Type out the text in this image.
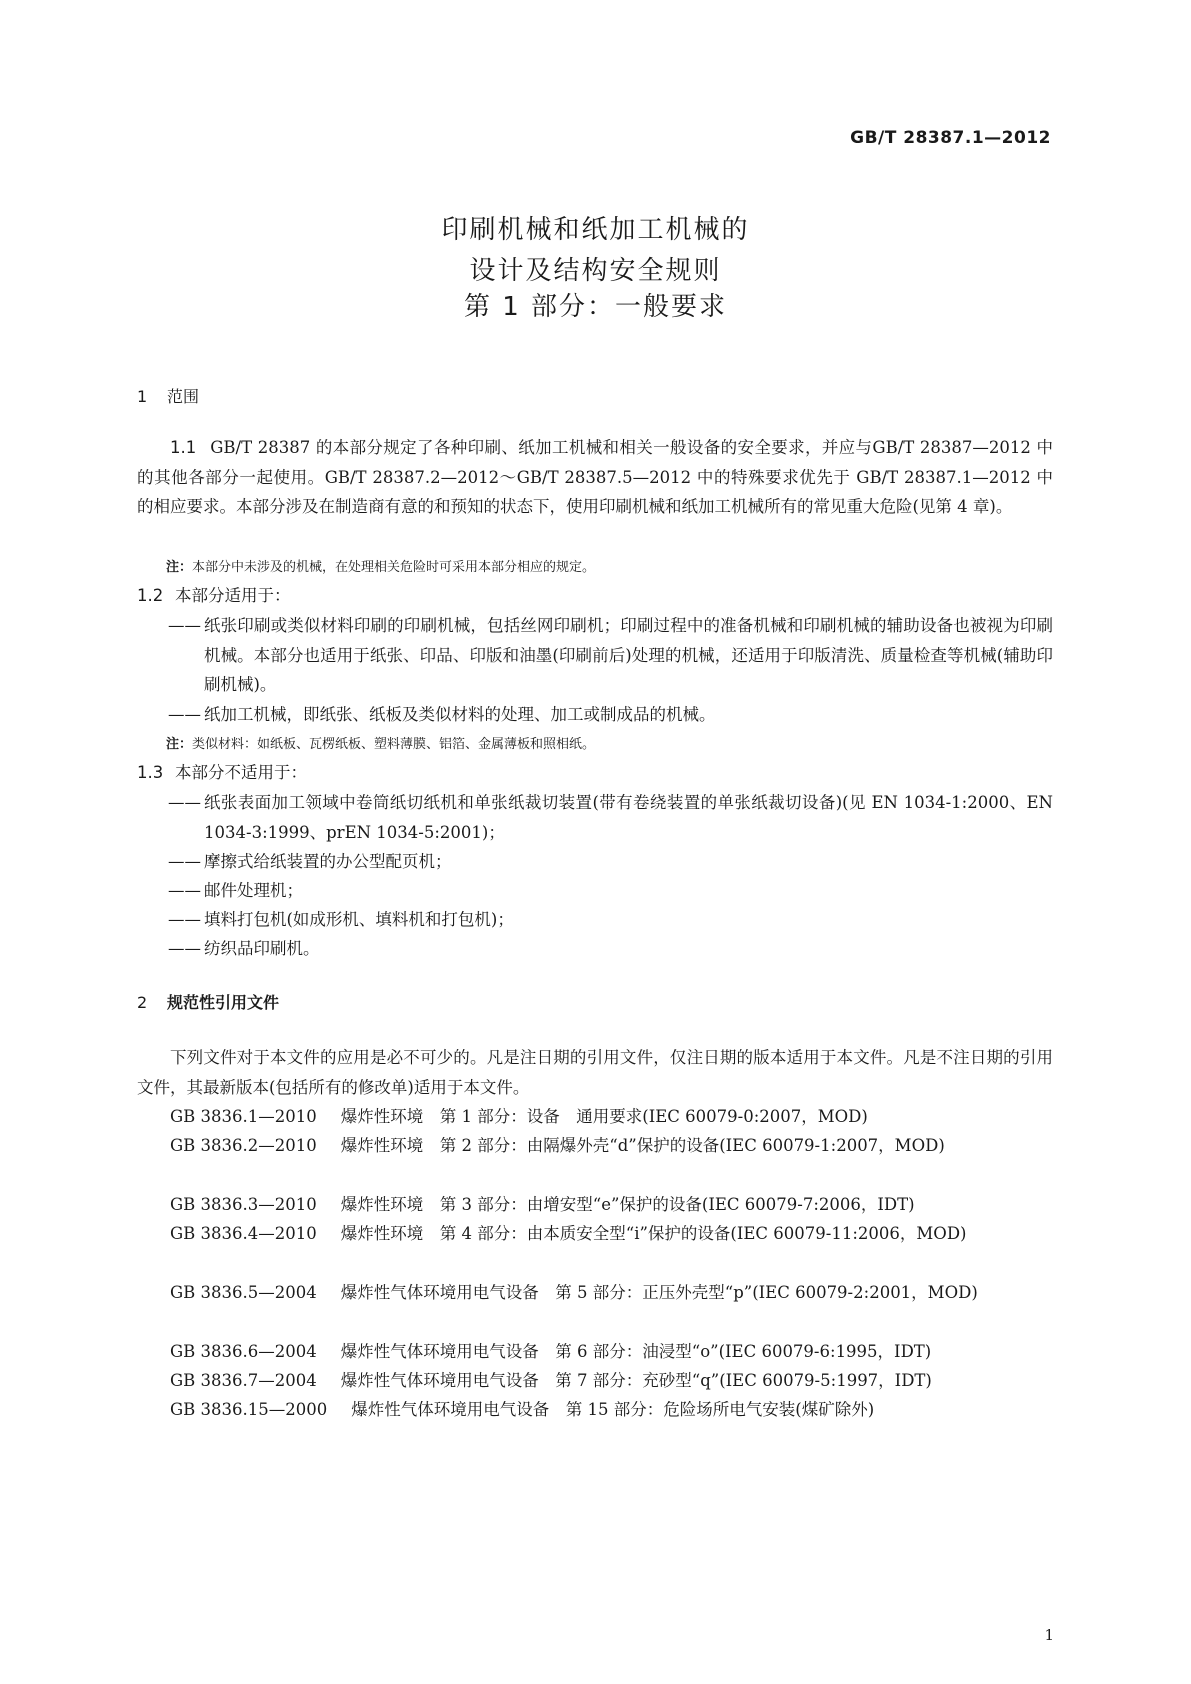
GB/T 28387.1—2012
印刷机械和纸加工机械的
设计及结构安全规则
第 1 部分：一般要求
1 范围

1.1 GB/T 28387 的本部分规定了各种印刷、纸加工机械和相关一般设备的安全要求，并应与GB/T 28387—2012 中的其他各部分一起使用。GB/T 28387.2—2012～GB/T 28387.5—2012 中的特殊要求优先于 GB/T 28387.1—2012 中的相应要求。本部分涉及在制造商有意的和预知的状态下，使用印刷机械和纸加工机械所有的常见重大危险(见第 4 章)。

注：本部分中未涉及的机械，在处理相关危险时可采用本部分相应的规定。
1.2 本部分适用于：
—— 纸张印刷或类似材料印刷的印刷机械，包括丝网印刷机；印刷过程中的准备机械和印刷机械的辅助设备也被视为印刷机械。本部分也适用于纸张、印品、印版和油墨(印刷前后)处理的机械，还适用于印版清洗、质量检查等机械(辅助印刷机械)。
—— 纸加工机械，即纸张、纸板及类似材料的处理、加工或制成品的机械。
注：类似材料：如纸板、瓦楞纸板、塑料薄膜、铝箔、金属薄板和照相纸。
1.3 本部分不适用于：
—— 纸张表面加工领域中卷筒纸切纸机和单张纸裁切装置(带有卷绕装置的单张纸裁切设备)(见 EN 1034-1:2000、EN 1034-3:1999、prEN 1034-5:2001)；
—— 摩擦式给纸装置的办公型配页机；
—— 邮件处理机；
—— 填料打包机(如成形机、填料机和打包机)；
—— 纺织品印刷机。
2 规范性引用文件

下列文件对于本文件的应用是必不可少的。凡是注日期的引用文件，仅注日期的版本适用于本文件。凡是不注日期的引用文件，其最新版本(包括所有的修改单)适用于本文件。

GB 3836.1—2010 爆炸性环境　第 1 部分：设备　通用要求(IEC 60079-0:2007，MOD)
GB 3836.2—2010 爆炸性环境　第 2 部分：由隔爆外壳“d”保护的设备(IEC 60079-1:2007，MOD)
GB 3836.3—2010 爆炸性环境　第 3 部分：由增安型“e”保护的设备(IEC 60079-7:2006，IDT)
GB 3836.4—2010 爆炸性环境　第 4 部分：由本质安全型“i”保护的设备(IEC 60079-11:2006，MOD)
GB 3836.5—2004 爆炸性气体环境用电气设备　第 5 部分：正压外壳型“p”(IEC 60079-2:2001，MOD)
GB 3836.6—2004 爆炸性气体环境用电气设备　第 6 部分：油浸型“o”(IEC 60079-6:1995，IDT)
GB 3836.7—2004 爆炸性气体环境用电气设备　第 7 部分：充砂型“q”(IEC 60079-5:1997，IDT)
GB 3836.15—2000 爆炸性气体环境用电气设备　第 15 部分：危险场所电气安装(煤矿除外)
1
